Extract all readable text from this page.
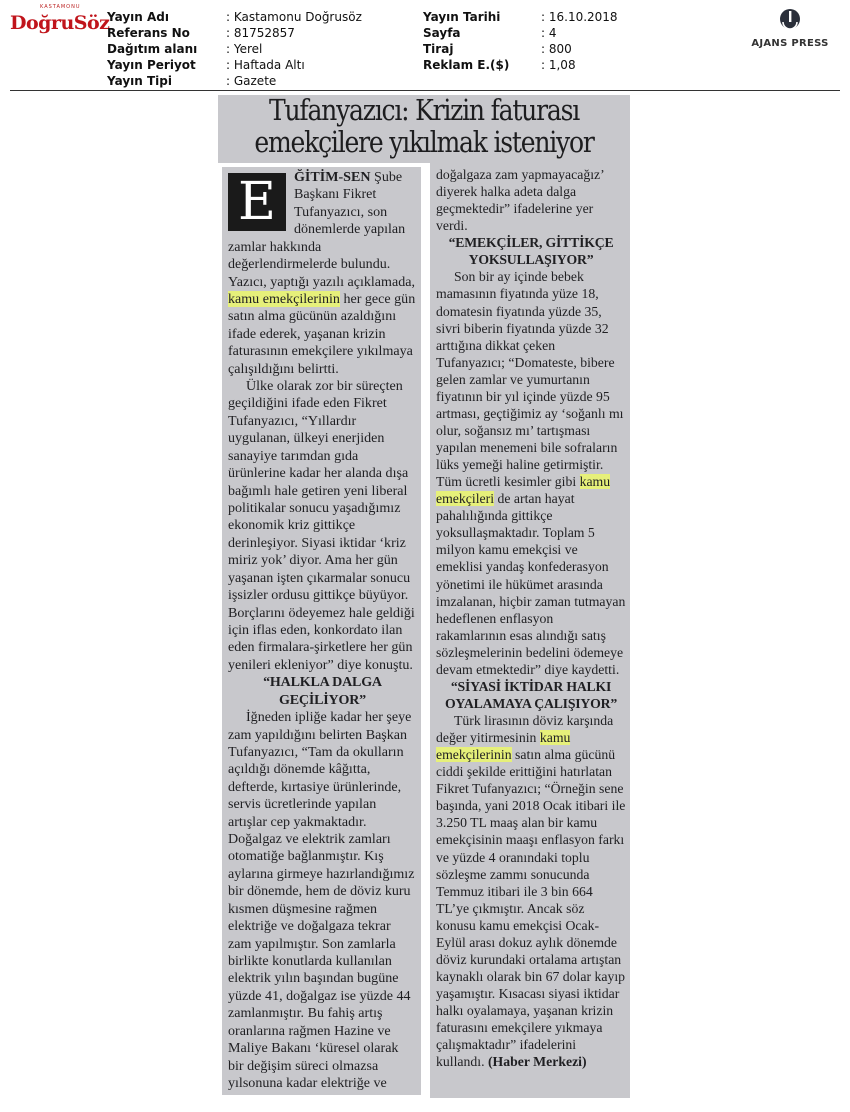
KASTAMONU
DoğruSöz
Yayın Adı
Referans No
Dağıtım alanı
Yayın Periyot
Yayın Tipi
: Kastamonu Doğrusöz
: 81752857
: Yerel
: Haftada Altı
: Gazete
Yayın Tarihi
Sayfa
Tiraj
Reklam E.($)
: 16.10.2018
: 4
: 800
: 1,08
AJANS PRESS
Tufanyazıcı: Krizin faturası
emekçilere yıkılmak isteniyor
E	ĞİTİM-SEN Şube Başkanı Fikret Tufanyazıcı, son dönemlerde yapılan zamlar hakkında değerlendirmelerde bulundu. Yazıcı, yaptığı yazılı açıklamada, kamu emekçilerinin her gece gün satın alma gücünün azaldığını ifade ederek, yaşanan krizin faturasının emekçilere yıkılmaya çalışıldığını belirtti.

Ülke olarak zor bir süreçten geçildiğini ifade eden Fikret Tufanyazıcı, “Yıllardır uygulanan, ülkeyi enerjiden sanayiye tarımdan gıda ürünlerine kadar her alanda dışa bağımlı hale getiren yeni liberal politikalar sonucu yaşadığımız ekonomik kriz gittikçe derinleşiyor. Siyasi iktidar ‘kriz miriz yok’ diyor. Ama her gün yaşanan işten çıkarmalar sonucu işsizler ordusu gittikçe büyüyor. Borçlarını ödeyemez hale geldiği için iflas eden, konkordato ilan eden firmalara-şirketlere her gün yenileri ekleniyor” diye konuştu.

“HALKLA DALGA GEÇİLİYOR”

İğneden ipliğe kadar her şeye zam yapıldığını belirten Başkan Tufanyazıcı, “Tam da okulların açıldığı dönemde kâğıtta, defterde, kırtasiye ürünlerinde, servis ücretlerinde yapılan artışlar cep yakmaktadır. Doğalgaz ve elektrik zamları otomatiğe bağlanmıştır. Kış aylarına girmeye hazırlandığımız bir dönemde, hem de döviz kuru kısmen düşmesine rağmen elektriğe ve doğalgaza tekrar zam yapılmıştır. Son zamlarla birlikte konutlarda kullanılan elektrik yılın başından bugüne yüzde 41, doğalgaz ise yüzde 44 zamlanmıştır. Bu fahiş artış oranlarına rağmen Hazine ve Maliye Bakanı ‘küresel olarak bir değişim süreci olmazsa yılsonuna kadar elektriğe ve

doğalgaza zam yapmayacağız’ diyerek halka adeta dalga geçmektedir” ifadelerine yer verdi.

“EMEKÇİLER, GİTTİKÇE YOKSULLAŞIYOR”

Son bir ay içinde bebek mamasının fiyatında yüze 18, domatesin fiyatında yüzde 35, sivri biberin fiyatında yüzde 32 arttığına dikkat çeken Tufanyazıcı; “Domateste, bibere gelen zamlar ve yumurtanın fiyatının bir yıl içinde yüzde 95 artması, geçtiğimiz ay ‘soğanlı mı olur, soğansız mı’ tartışması yapılan menemeni bile sofraların lüks yemeği haline getirmiştir. Tüm ücretli kesimler gibi kamu emekçileri de artan hayat pahalılığında gittikçe yoksullaşmaktadır. Toplam 5 milyon kamu emekçisi ve emeklisi yandaş konfederasyon yönetimi ile hükümet arasında imzalanan, hiçbir zaman tutmayan hedeflenen enflasyon rakamlarının esas alındığı satış sözleşmelerinin bedelini ödemeye devam etmektedir” diye kaydetti.

“SİYASİ İKTİDAR HALKI OYALAMAYA ÇALIŞIYOR”

Türk lirasının döviz karşında değer yitirmesinin kamu emekçilerinin satın alma gücünü ciddi şekilde erittiğini hatırlatan Fikret Tufanyazıcı; “Örneğin sene başında, yani 2018 Ocak itibari ile 3.250 TL maaş alan bir kamu emekçisinin maaşı enflasyon farkı ve yüzde 4 oranındaki toplu sözleşme zammı sonucunda Temmuz itibari ile 3 bin 664 TL’ye çıkmıştır. Ancak söz konusu kamu emekçisi Ocak-Eylül arası dokuz aylık dönemde döviz kurundaki ortalama artıştan kaynaklı olarak bin 67 dolar kayıp yaşamıştır. Kısacası siyasi iktidar halkı oyalamaya, yaşanan krizin faturasını emekçilere yıkmaya çalışmaktadır” ifadelerini kullandı. (Haber Merkezi)
